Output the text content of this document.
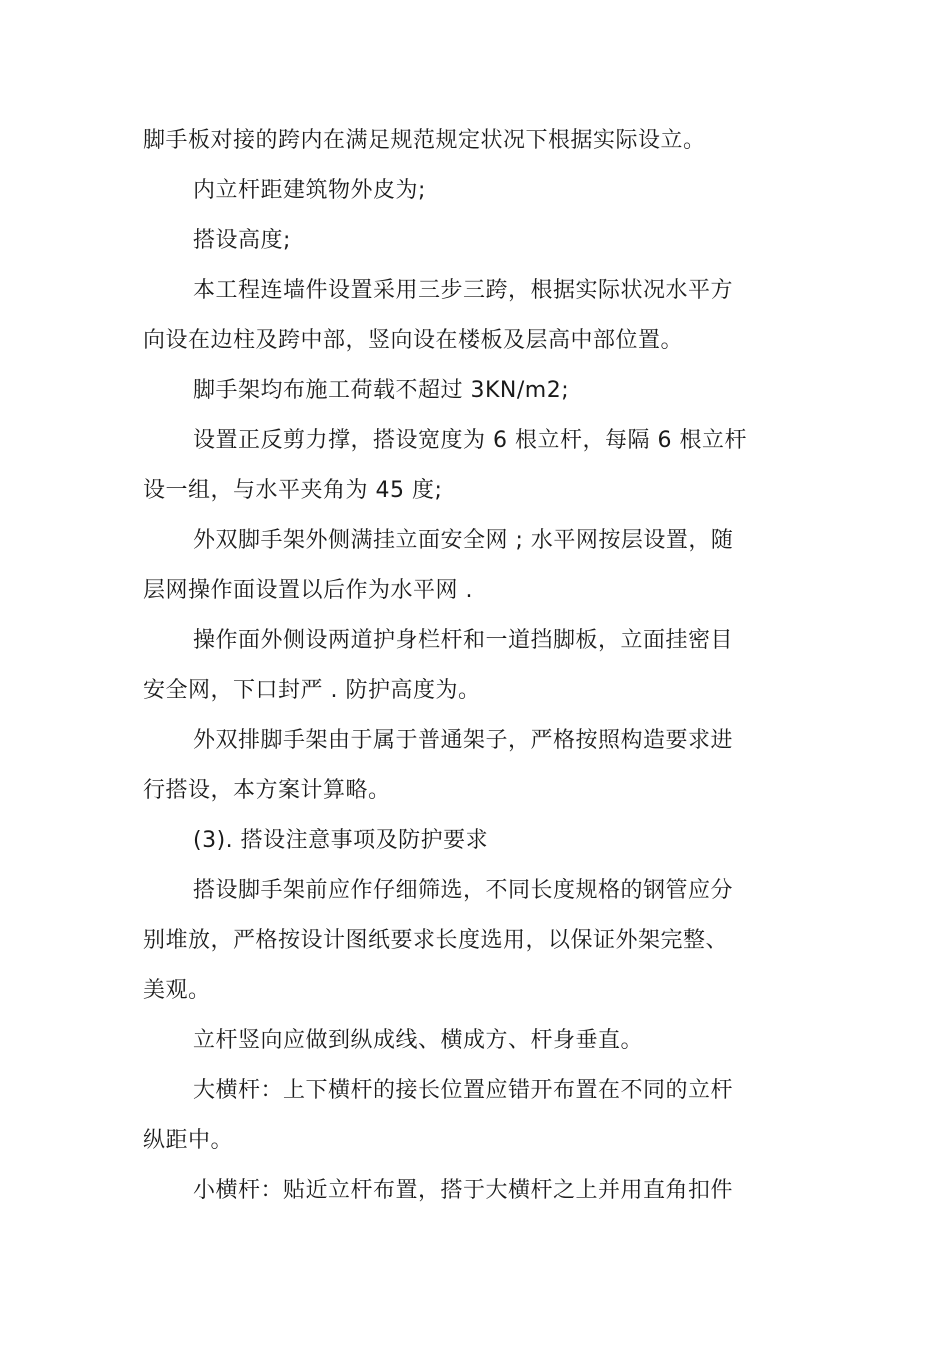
脚手板对接的跨内在满足规范规定状况下根据实际设立。
内立杆距建筑物外皮为;
搭设高度;
本工程连墙件设置采用三步三跨，根据实际状况水平方
向设在边柱及跨中部，竖向设在楼板及层高中部位置。
脚手架均布施工荷载不超过 3KN/m2;
设置正反剪力撑，搭设宽度为 6 根立杆，每隔 6 根立杆
设一组，与水平夹角为 45 度;
外双脚手架外侧满挂立面安全网 ; 水平网按层设置，随
层网操作面设置以后作为水平网 .
操作面外侧设两道护身栏杆和一道挡脚板，立面挂密目
安全网，下口封严 . 防护高度为。
外双排脚手架由于属于普通架子，严格按照构造要求进
行搭设，本方案计算略。
(3). 搭设注意事项及防护要求
搭设脚手架前应作仔细筛选，不同长度规格的钢管应分
别堆放，严格按设计图纸要求长度选用，以保证外架完整、
美观。
立杆竖向应做到纵成线、横成方、杆身垂直。
大横杆：上下横杆的接长位置应错开布置在不同的立杆
纵距中。
小横杆：贴近立杆布置，搭于大横杆之上并用直角扣件
